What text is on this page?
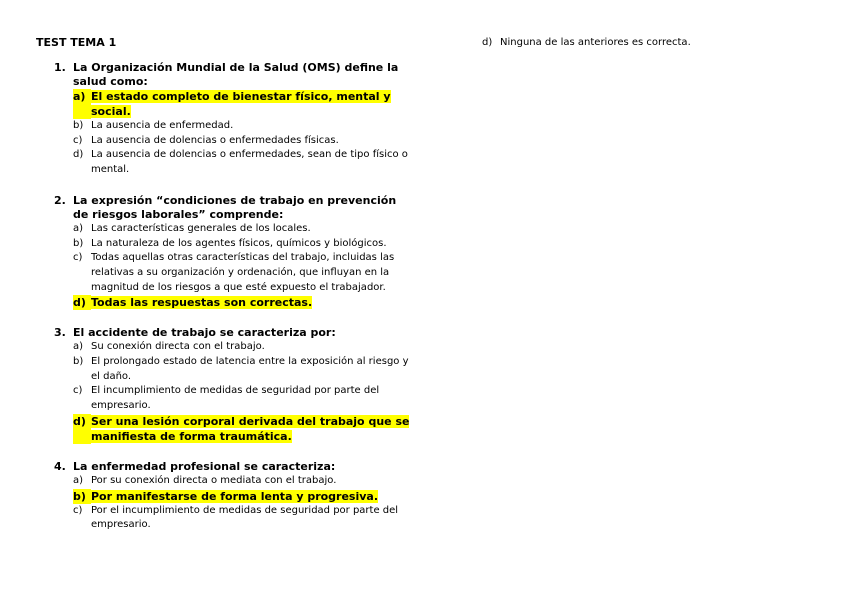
TEST TEMA 1
1. La Organización Mundial de la Salud (OMS) define la salud como:
a) El estado completo de bienestar físico, mental y social.
b) La ausencia de enfermedad.
c) La ausencia de dolencias o enfermedades físicas.
d) La ausencia de dolencias o enfermedades, sean de tipo físico o mental.
2. La expresión “condiciones de trabajo en prevención de riesgos laborales” comprende:
a) Las características generales de los locales.
b) La naturaleza de los agentes físicos, químicos y biológicos.
c) Todas aquellas otras características del trabajo, incluidas las relativas a su organización y ordenación, que influyan en la magnitud de los riesgos a que esté expuesto el trabajador.
d) Todas las respuestas son correctas.
3. El accidente de trabajo se caracteriza por:
a) Su conexión directa con el trabajo.
b) El prolongado estado de latencia entre la exposición al riesgo y el daño.
c) El incumplimiento de medidas de seguridad por parte del empresario.
d) Ser una lesión corporal derivada del trabajo que se manifiesta de forma traumática.
4. La enfermedad profesional se caracteriza:
a) Por su conexión directa o mediata con el trabajo.
b) Por manifestarse de forma lenta y progresiva.
c) Por el incumplimiento de medidas de seguridad por parte del empresario.
d) Ninguna de las anteriores es correcta.
